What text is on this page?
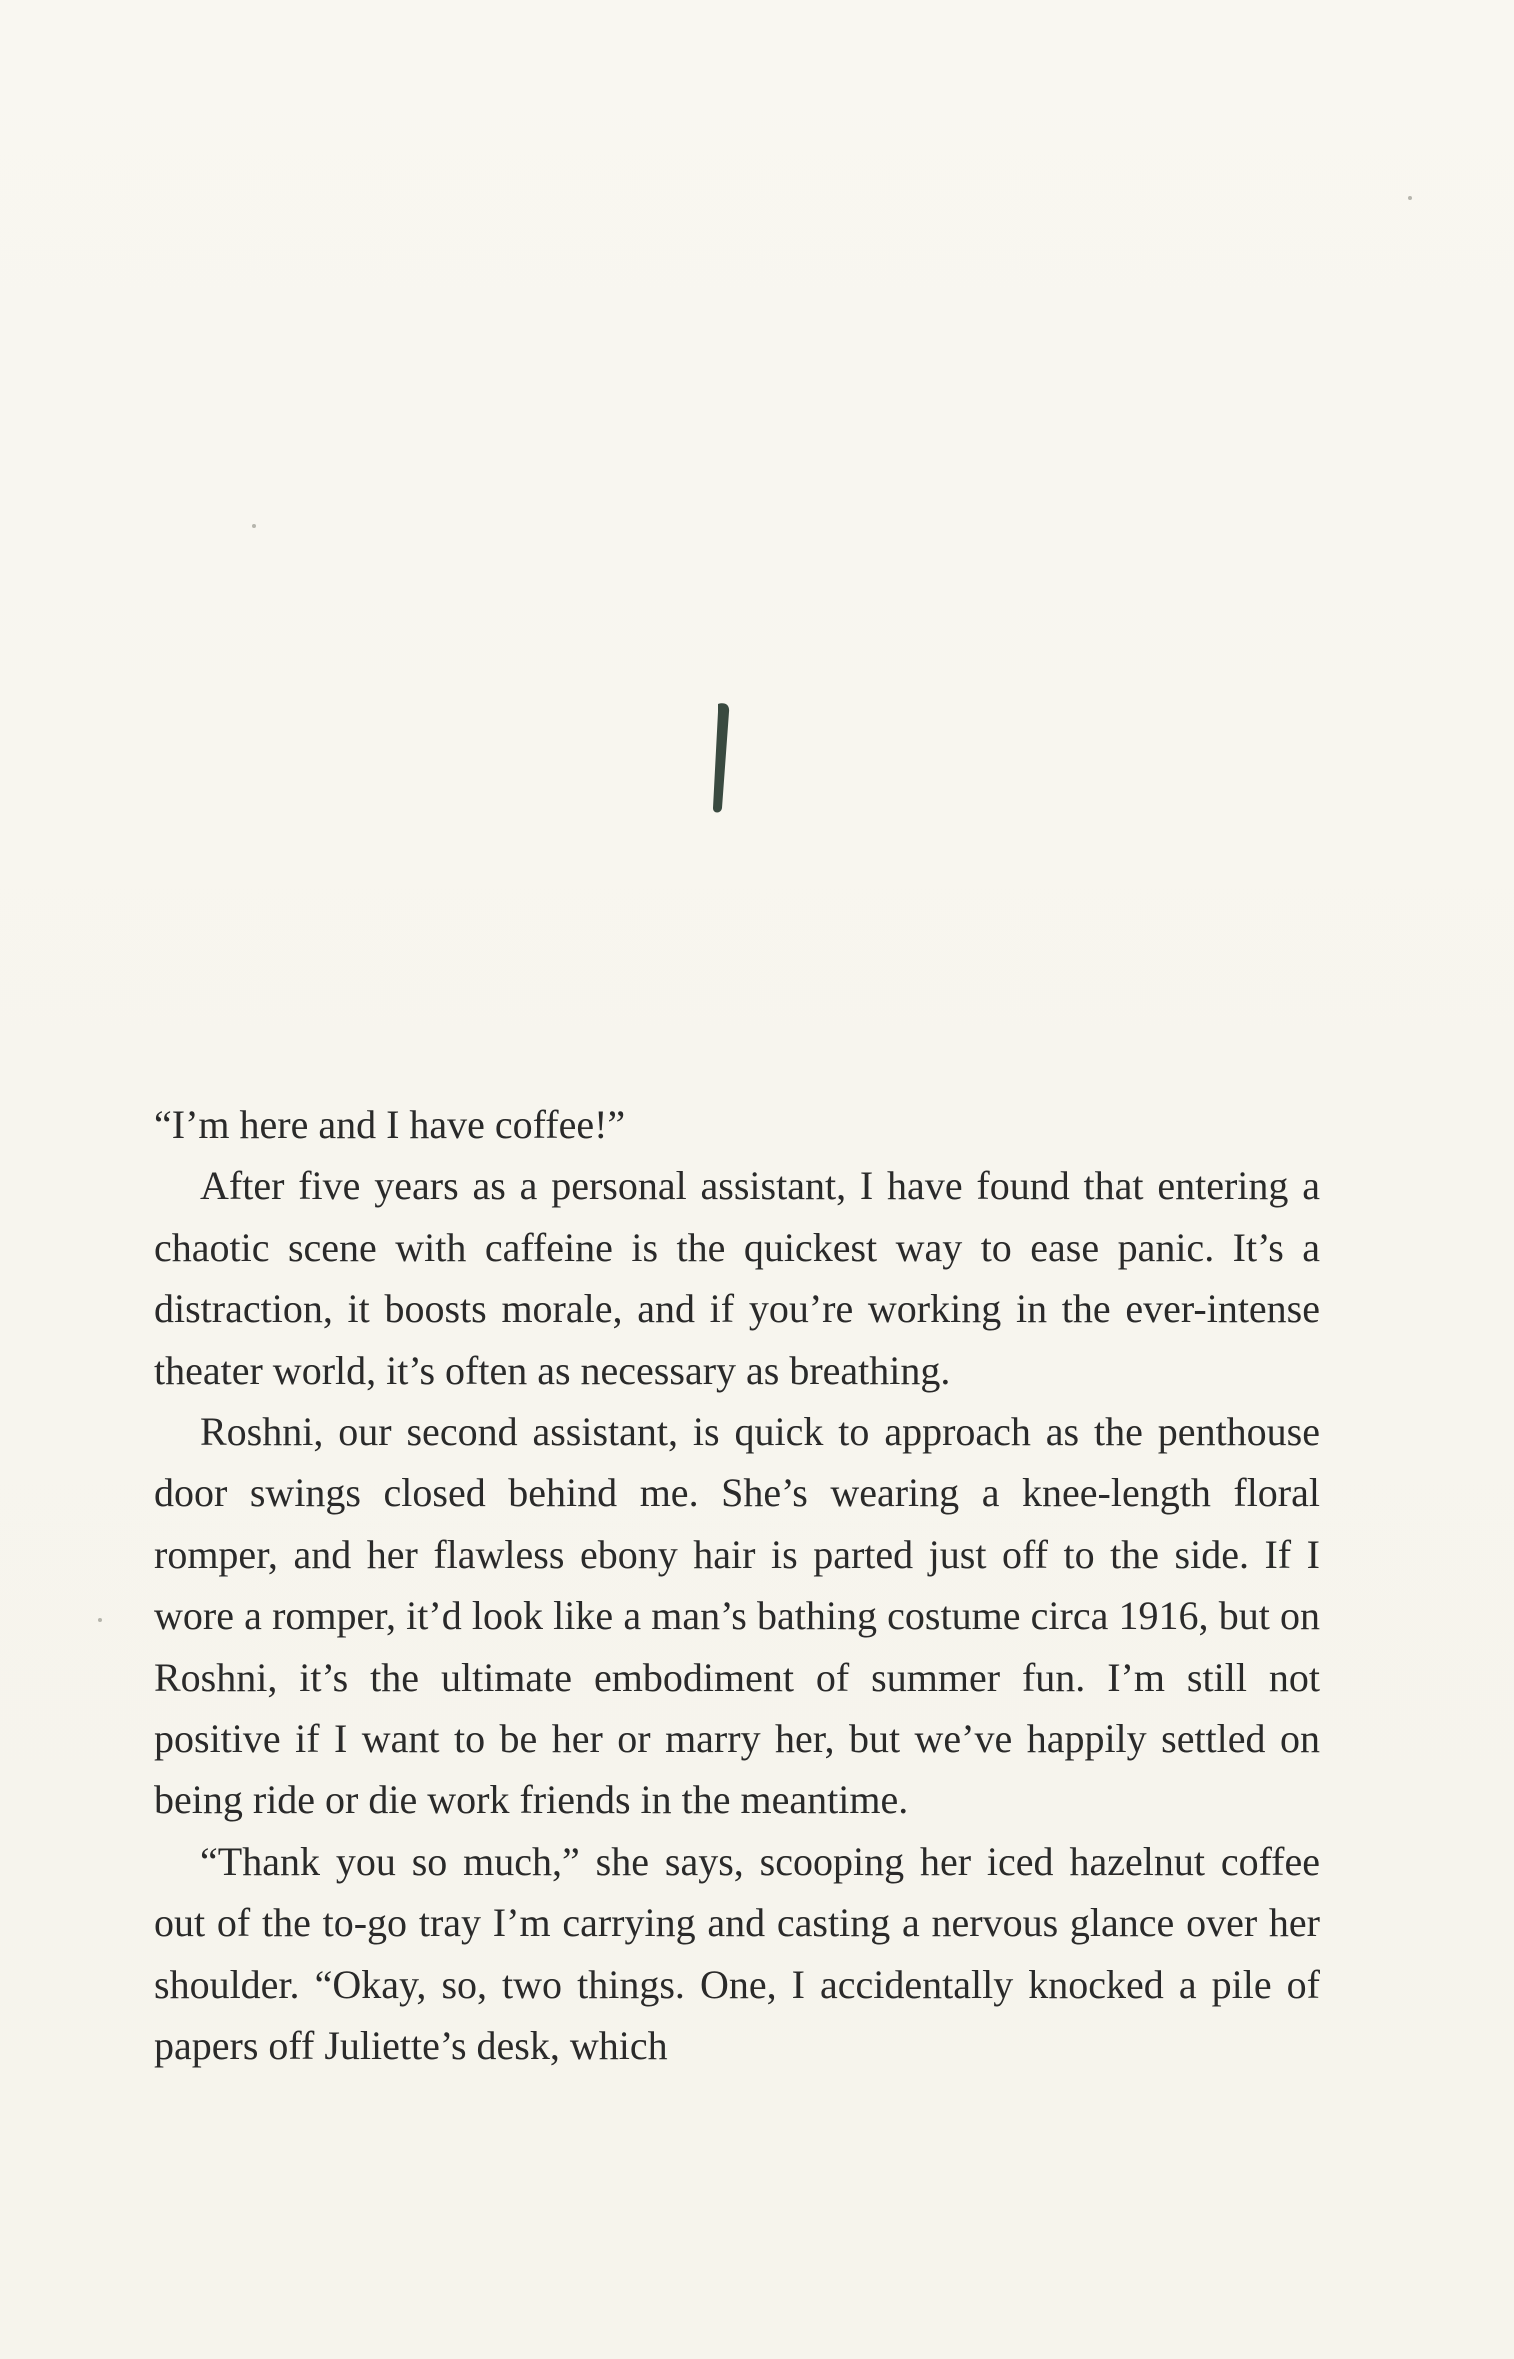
“I’m here and I have coffee!”

After five years as a personal assistant, I have found that entering a chaotic scene with caffeine is the quickest way to ease panic. It’s a distraction, it boosts morale, and if you’re working in the ever-intense theater world, it’s often as necessary as breathing.

Roshni, our second assistant, is quick to approach as the penthouse door swings closed behind me. She’s wearing a knee-length floral romper, and her flawless ebony hair is parted just off to the side. If I wore a romper, it’d look like a man’s bathing costume circa 1916, but on Roshni, it’s the ultimate embodiment of summer fun. I’m still not positive if I want to be her or marry her, but we’ve happily settled on being ride or die work friends in the meantime.

“Thank you so much,” she says, scooping her iced hazelnut coffee out of the to-go tray I’m carrying and casting a nervous glance over her shoulder. “Okay, so, two things. One, I accidentally knocked a pile of papers off Juliette’s desk, which
